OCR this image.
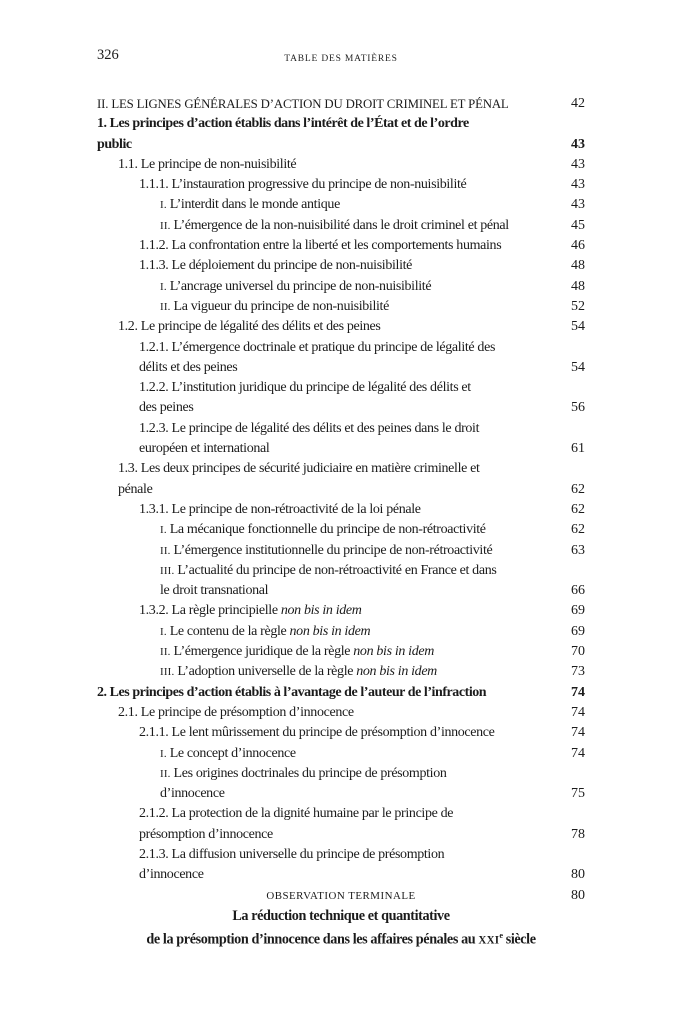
326	TABLE DES MATIÈRES
II. LES LIGNES GÉNÉRALES D’ACTION DU DROIT CRIMINEL ET PÉNAL	42
1. Les principes d’action établis dans l’intérêt de l’État et de l’ordre
public	43
1.1. Le principe de non-nuisibilité	43
1.1.1. L’instauration progressive du principe de non-nuisibilité	43
I. L’interdit dans le monde antique	43
II. L’émergence de la non-nuisibilité dans le droit criminel et pénal	45
1.1.2. La confrontation entre la liberté et les comportements humains	46
1.1.3. Le déploiement du principe de non-nuisibilité	48
I. L’ancrage universel du principe de non-nuisibilité	48
II. La vigueur du principe de non-nuisibilité	52
1.2. Le principe de légalité des délits et des peines	54
1.2.1. L’émergence doctrinale et pratique du principe de légalité des
délits et des peines	54
1.2.2. L’institution juridique du principe de légalité des délits et
des peines	56
1.2.3. Le principe de légalité des délits et des peines dans le droit
européen et international	61
1.3. Les deux principes de sécurité judiciaire en matière criminelle et
pénale	62
1.3.1. Le principe de non-rétroactivité de la loi pénale	62
I. La mécanique fonctionnelle du principe de non-rétroactivité	62
II. L’émergence institutionnelle du principe de non-rétroactivité	63
III. L’actualité du principe de non-rétroactivité en France et dans
le droit transnational	66
1.3.2. La règle principielle non bis in idem	69
I. Le contenu de la règle non bis in idem	69
II. L’émergence juridique de la règle non bis in idem	70
III. L’adoption universelle de la règle non bis in idem	73
2. Les principes d’action établis à l’avantage de l’auteur de l’infraction	74
2.1. Le principe de présomption d’innocence	74
2.1.1. Le lent mûrissement du principe de présomption d’innocence	74
I. Le concept d’innocence	74
II. Les origines doctrinales du principe de présomption
d’innocence	75
2.1.2. La protection de la dignité humaine par le principe de
présomption d’innocence	78
2.1.3. La diffusion universelle du principe de présomption
d’innocence	80
OBSERVATION TERMINALE	80
La réduction technique et quantitative
de la présomption d’innocence dans les affaires pénales au XXIe siècle
